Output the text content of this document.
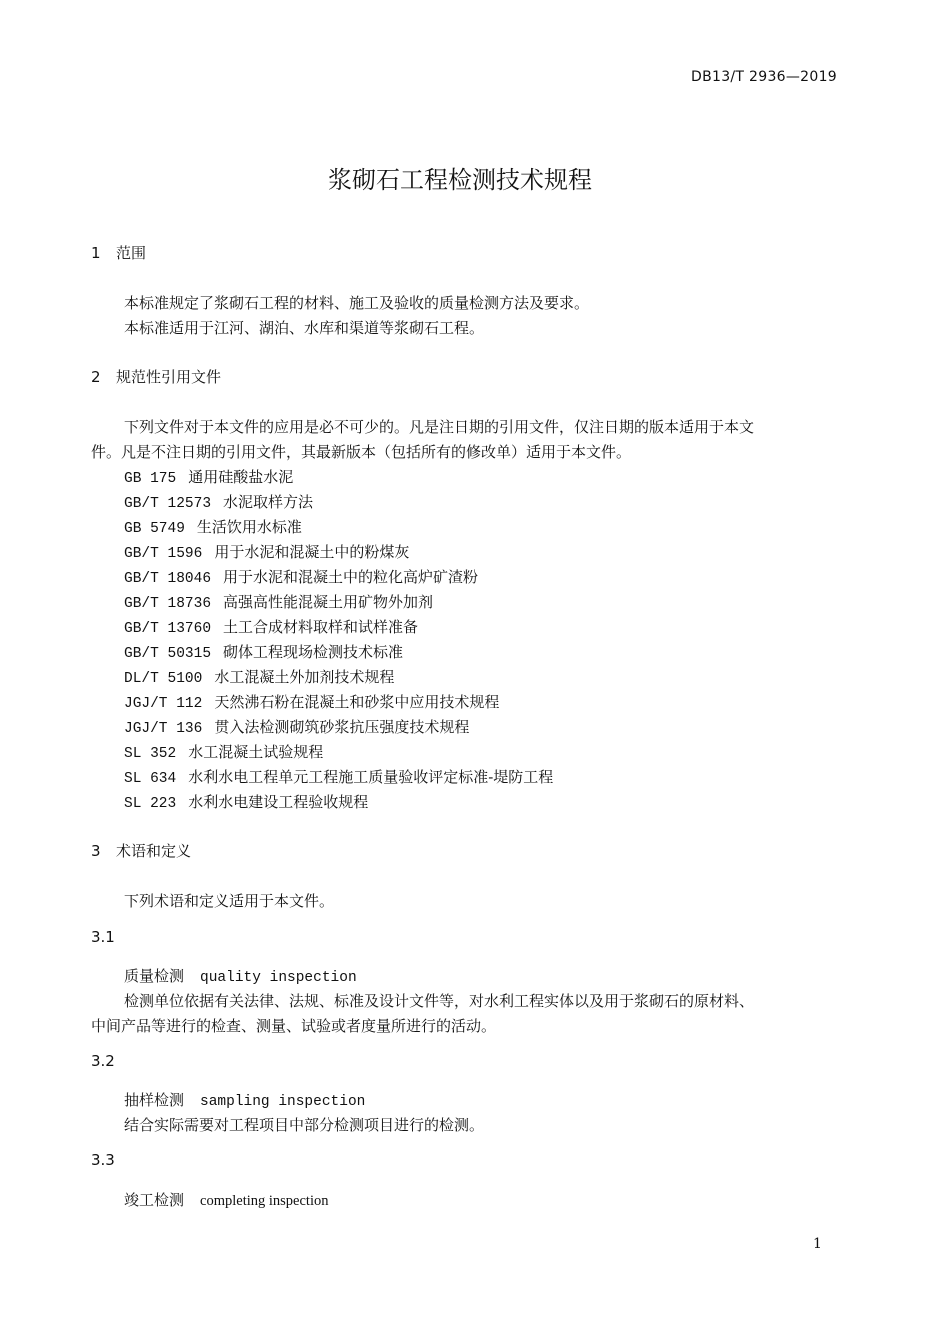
DB13/T 2936—2019
浆砌石工程检测技术规程
1 范围
本标准规定了浆砌石工程的材料、施工及验收的质量检测方法及要求。
本标准适用于江河、湖泊、水库和渠道等浆砌石工程。
2 规范性引用文件
下列文件对于本文件的应用是必不可少的。凡是注日期的引用文件，仅注日期的版本适用于本文
件。凡是不注日期的引用文件，其最新版本（包括所有的修改单）适用于本文件。
GB 175 通用硅酸盐水泥
GB/T 12573 水泥取样方法
GB 5749 生活饮用水标准
GB/T 1596 用于水泥和混凝土中的粉煤灰
GB/T 18046 用于水泥和混凝土中的粒化高炉矿渣粉
GB/T 18736 高强高性能混凝土用矿物外加剂
GB/T 13760 土工合成材料取样和试样准备
GB/T 50315 砌体工程现场检测技术标准
DL/T 5100 水工混凝土外加剂技术规程
JGJ/T 112 天然沸石粉在混凝土和砂浆中应用技术规程
JGJ/T 136 贯入法检测砌筑砂浆抗压强度技术规程
SL 352 水工混凝土试验规程
SL 634 水利水电工程单元工程施工质量验收评定标准-堤防工程
SL 223 水利水电建设工程验收规程
3 术语和定义
下列术语和定义适用于本文件。
3.1
质量检测 quality inspection
检测单位依据有关法律、法规、标准及设计文件等，对水利工程实体以及用于浆砌石的原材料、
中间产品等进行的检查、测量、试验或者度量所进行的活动。
3.2
抽样检测 sampling inspection
结合实际需要对工程项目中部分检测项目进行的检测。
3.3
竣工检测 completing inspection
1
